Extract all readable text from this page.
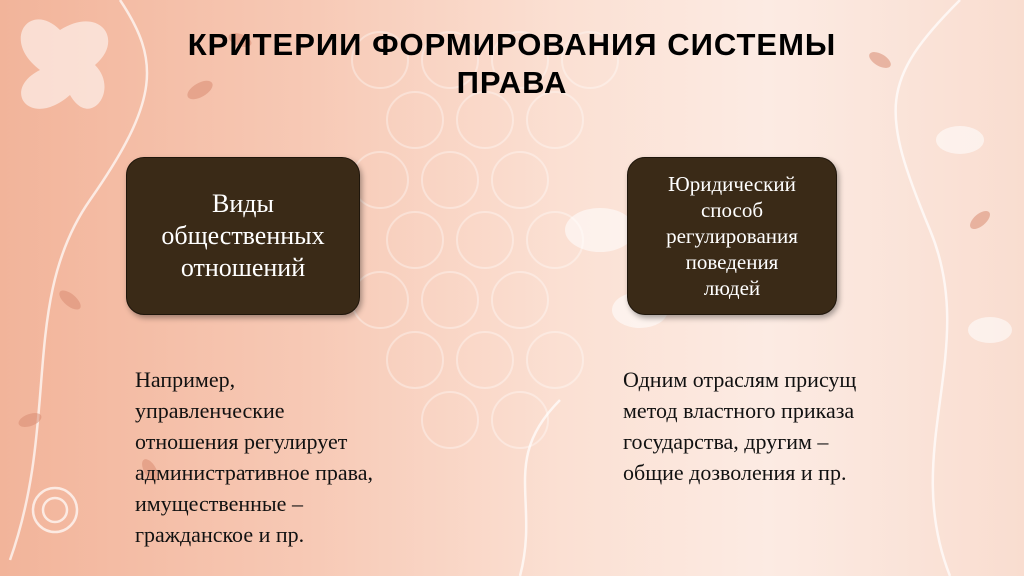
КРИТЕРИИ ФОРМИРОВАНИЯ СИСТЕМЫ
ПРАВА
Виды
общественных
отношений
Юридический
способ
регулирования
поведения
людей

Например,
управленческие
отношения регулирует
административное права,
имущественные –
гражданское и пр.

Одним отраслям присущ
метод властного приказа
государства, другим –
общие дозволения и пр.
